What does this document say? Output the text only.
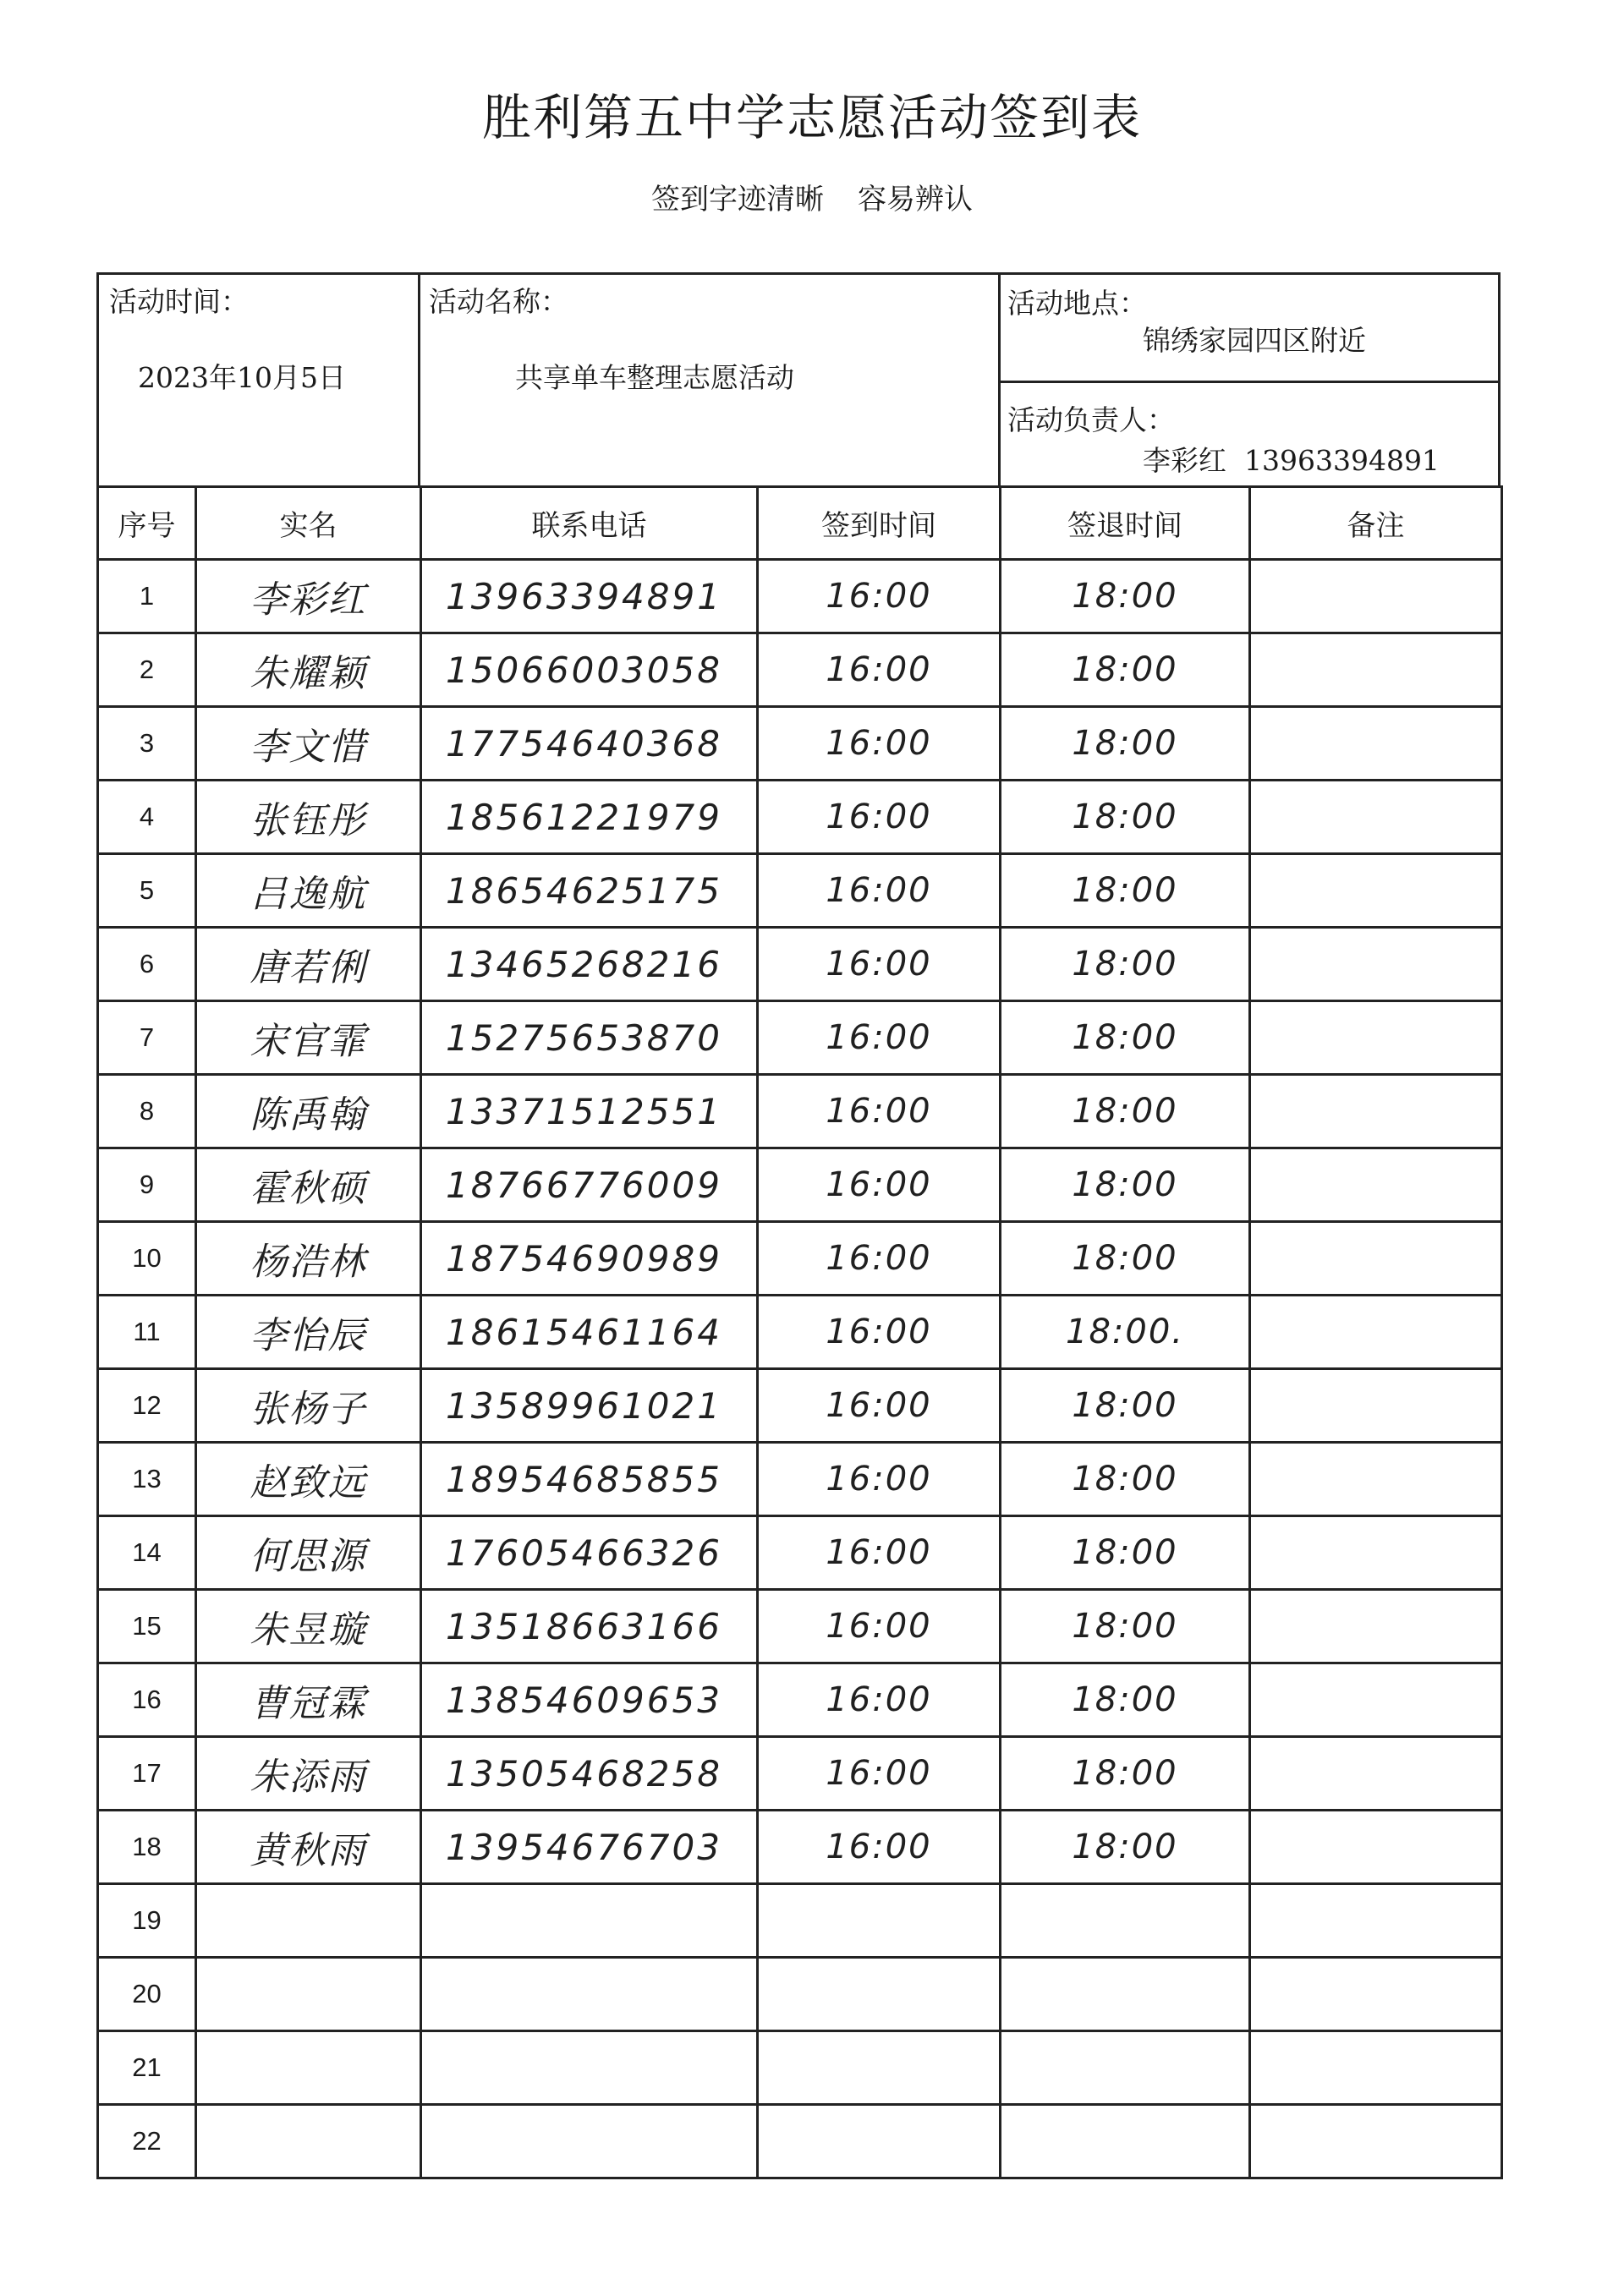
胜利第五中学志愿活动签到表
签到字迹清晰 容易辨认
活动时间：
2023年10月5日
活动名称：
共享单车整理志愿活动
活动地点：
锦绣家园四区附近
活动负责人：
李彩红  13963394891
序号	实名	联系电话	签到时间	签退时间	备注
1	李彩红	13963394891	16:00	18:00	
2	朱耀颖	15066003058	16:00	18:00	
3	李文惜	17754640368	16:00	18:00	
4	张钰彤	18561221979	16:00	18:00	
5	吕逸航	18654625175	16:00	18:00	
6	唐若俐	13465268216	16:00	18:00	
7	宋官霏	15275653870	16:00	18:00	
8	陈禹翰	13371512551	16:00	18:00	
9	霍秋硕	18766776009	16:00	18:00	
10	杨浩林	18754690989	16:00	18:00	
11	李怡辰	18615461164	16:00	18:00.	
12	张杨子	13589961021	16:00	18:00	
13	赵致远	18954685855	16:00	18:00	
14	何思源	17605466326	16:00	18:00	
15	朱昱璇	13518663166	16:00	18:00	
16	曹冠霖	13854609653	16:00	18:00	
17	朱添雨	13505468258	16:00	18:00	
18	黄秋雨	13954676703	16:00	18:00	
19					
20					
21					
22					
